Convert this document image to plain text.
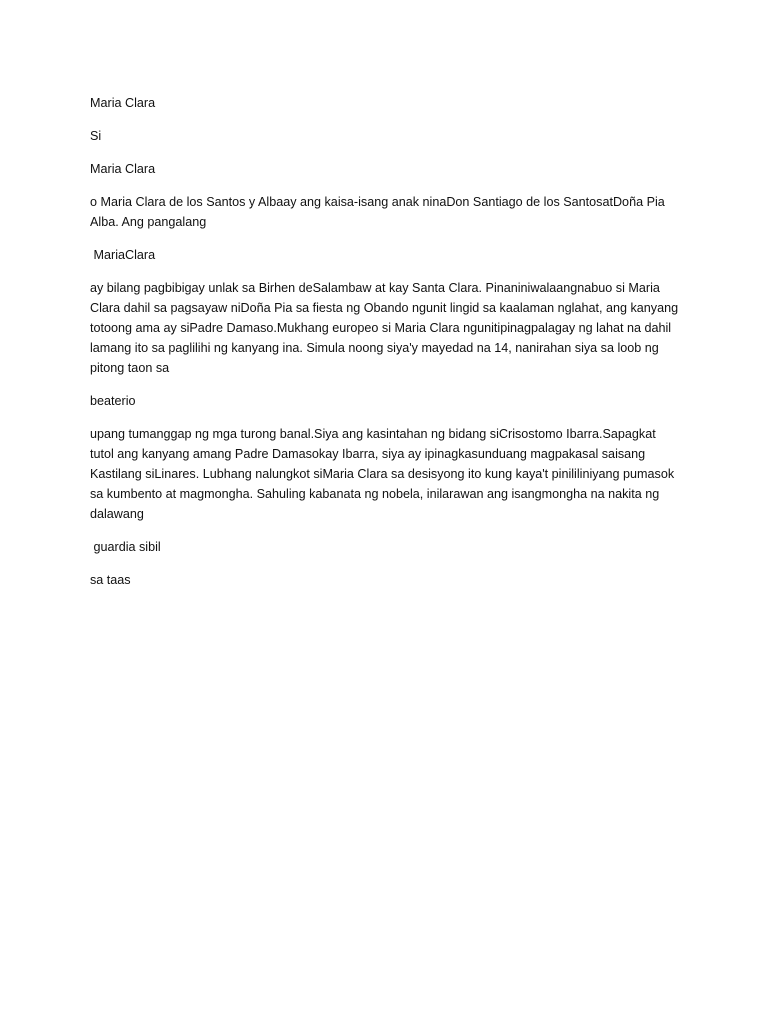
Maria Clara

Si

Maria Clara

o Maria Clara de los Santos y Albaay ang kaisa-isang anak ninaDon Santiago de los SantosatDoña Pia Alba. Ang pangalang

MariaClara

ay bilang pagbibigay unlak sa Birhen deSalambaw at kay Santa Clara. Pinaniniwalaangnabuo si Maria Clara dahil sa pagsayaw niDoña Pia sa fiesta ng Obando ngunit lingid sa kaalaman nglahat, ang kanyang totoong ama ay siPadre Damaso.Mukhang europeo si Maria Clara ngunitipinagpalagay ng lahat na dahil lamang ito sa paglilihi ng kanyang ina. Simula noong siya'y mayedad na 14, nanirahan siya sa loob ng pitong taon sa

beaterio

upang tumanggap ng mga turong banal.Siya ang kasintahan ng bidang siCrisostomo Ibarra.Sapagkat tutol ang kanyang amang Padre Damasokay Ibarra, siya ay ipinagkasunduang magpakasal saisang Kastilang siLinares. Lubhang nalungkot siMaria Clara sa desisyong ito kung kaya't pinililiniyang pumasok sa kumbento at magmongha. Sahuling kabanata ng nobela, inilarawan ang isangmongha na nakita ng dalawang

guardia sibil

sa taas
